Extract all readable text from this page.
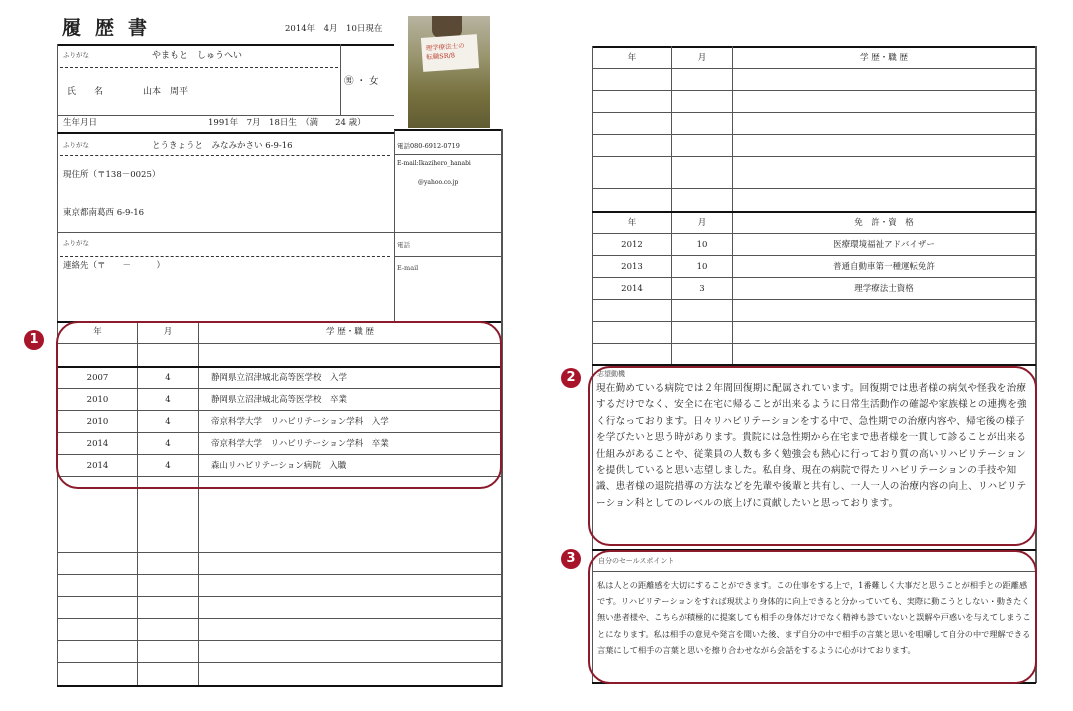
履 歴 書	2014年　4月　10日現在
理学療法士の
転職SR/8
ふりがな	やまもと　しゅうへい
氏　　名	山本　周平
㊚ ・ 女
生年月日	1991年　7月　18日生　（満　　24 歳）
ふりがな	とうきょうと　みなみかさい 6-9-16	電話080-6912-0719
現住所（〒138－0025）
東京都南葛西 6-9-16
E-mail:Ikazihero_hanabi
@yahoo.co.jp
ふりがな	電話
連絡先（〒　　－　　　）	E-mail
年	月	学 歴・職 歴
2007	4	静岡県立沼津城北高等医学校　入学
2010	4	静岡県立沼津城北高等医学校　卒業
2010	4	帝京科学大学　リハビリテーション学科　入学
2014	4	帝京科学大学　リハビリテーション学科　卒業
2014	4	森山リハビリテーション病院　入職
1
年	月	学 歴・職 歴
年	月	免　許・資　格
2012	10	医療環境福祉アドバイザー
2013	10	普通自動車第一種運転免許
2014	3	理学療法士資格
志望動機
現在勤めている病院では２年間回復期に配属されています。回復期では患者様の病気や怪我を治療するだけでなく、安全に在宅に帰ることが出来るように日常生活動作の確認や家族様との連携を強く行なっております。日々リハビリテーションをする中で、急性期での治療内容や、帰宅後の様子を学びたいと思う時があります。貴院には急性期から在宅まで患者様を一貫して診ることが出来る仕組みがあることや、従業員の人数も多く勉強会も熱心に行っており質の高いリハビリテーションを提供していると思い志望しました。私自身、現在の病院で得たリハビリテーションの手技や知識、患者様の退院措導の方法などを先輩や後輩と共有し、一人一人の治療内容の向上、リハビリテーション科としてのレベルの底上げに貢献したいと思っております。
2
自分のセールスポイント
私は人との距離感を大切にすることができます。この仕事をする上で，1番難しく大事だと思うことが相手との距離感です。リハビリテーションをすれば現状より身体的に向上できると分かっていても、実際に動こうとしない・動きたく無い患者様や、こちらが積極的に提案しても相手の身体だけでなく精神も診ていないと誤解や戸惑いを与えてしまうことになります。私は相手の意見や発言を聞いた後、まず自分の中で相手の言葉と思いを咀嚼して自分の中で理解できる言葉にして相手の言葉と思いを擦り合わせながら会話をするように心がけております。
3
